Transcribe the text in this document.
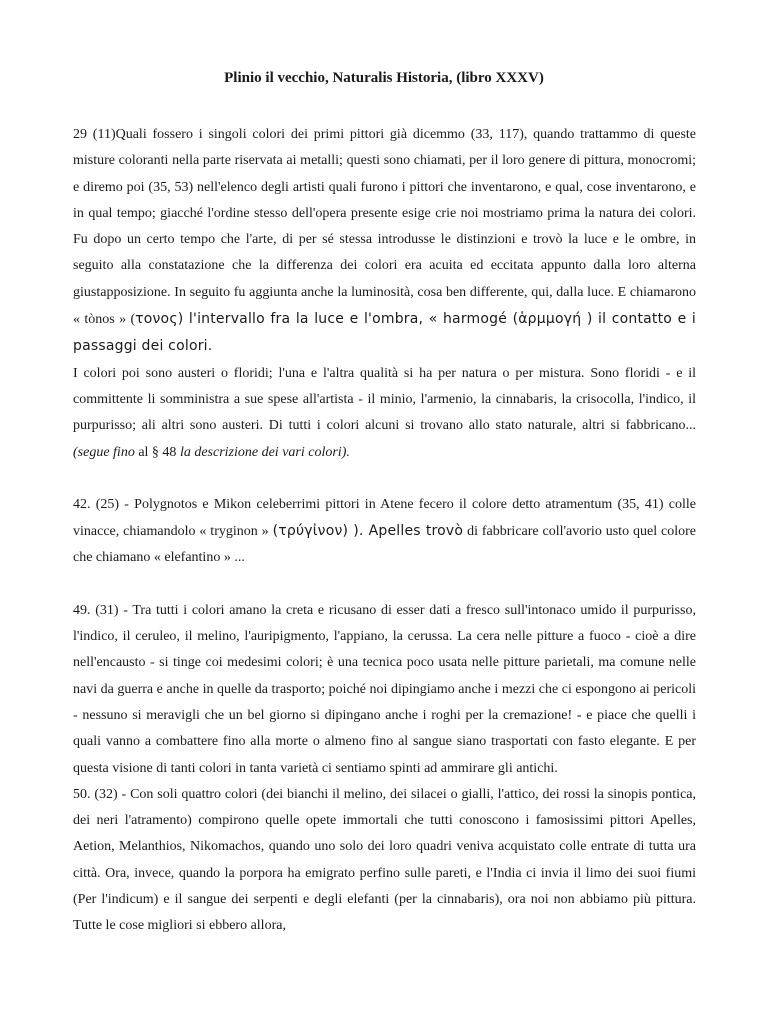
Plinio il vecchio, Naturalis Historia, (libro XXXV)

29 (11)Quali fossero i singoli colori dei primi pittori già dicemmo (33, 117), quando trattammo di queste misture coloranti nella parte riservata ai metalli; questi sono chiamati, per il loro genere di pittura, monocromi; e diremo poi (35, 53) nell'elenco degli artisti quali furono i pittori che inventarono, e qual, cose inventarono, e in qual tempo; giacché l'ordine stesso dell'opera presente esige crie noi mostriamo prima la natura dei colori. Fu dopo un certo tempo che l'arte, di per sé stessa introdusse le distinzioni e trovò la luce e le ombre, in seguito alla constatazione che la differenza dei colori era acuita ed eccitata appunto dalla loro alterna giustapposizione. In seguito fu aggiunta anche la luminosità, cosa ben differente, qui, dalla luce. E chiamarono « tònos » (τονος) l'intervallo fra la luce e l'ombra, « harmogé (ἁρμμογή ) il contatto e i passaggi dei colori.

I colori poi sono austeri o floridi; l'una e l'altra qualità si ha per natura o per mistura. Sono floridi - e il committente li somministra a sue spese all'artista - il minio, l'armenio, la cinnabaris, la crisocolla, l'indico, il purpurisso; ali altri sono austeri. Di tutti i colori alcuni si trovano allo stato naturale, altri si fabbricano... (segue fino al § 48 la descrizione dei vari colori).

42. (25) - Polygnotos e Mikon celeberrimi pittori in Atene fecero il colore detto atramentum (35, 41) colle vinacce, chiamandolo « tryginon » (τρύγἰνον) ). Apelles trovò di fabbricare coll'avorio usto quel colore che chiamano « elefantino » ...

49. (31) - Tra tutti i colori amano la creta e ricusano di esser dati a fresco sull'intonaco umido il purpurisso, l'indico, il ceruleo, il melino, l'auripigmento, l'appiano, la cerussa. La cera nelle pitture a fuoco - cioè a dire nell'encausto - si tinge coi medesimi colori; è una tecnica poco usata nelle pitture parietali, ma comune nelle navi da guerra e anche in quelle da trasporto; poiché noi dipingiamo anche i mezzi che ci espongono ai pericoli - nessuno si meravigli che un bel giorno si dipingano anche i roghi per la cremazione! - e piace che quelli i quali vanno a combattere fino alla morte o almeno fino al sangue siano trasportati con fasto elegante. E per questa visione di tanti colori in tanta varietà ci sentiamo spinti ad ammirare gli antichi.

50. (32) - Con soli quattro colori (dei bianchi il melino, dei silacei o gialli, l'attico, dei rossi la sinopis pontica, dei neri l'atramento) compirono quelle opete immortali che tutti conoscono i famosissimi pittori Apelles, Aetion, Melanthios, Nikomachos, quando uno solo dei loro quadri veniva acquistato colle entrate di tutta ura città. Ora, invece, quando la porpora ha emigrato perfino sulle pareti, e l'India ci invia il limo dei suoi fiumi (Per l'indicum) e il sangue dei serpenti e degli elefanti (per la cinnabaris), ora noi non abbiamo più pittura. Tutte le cose migliori si ebbero allora,
